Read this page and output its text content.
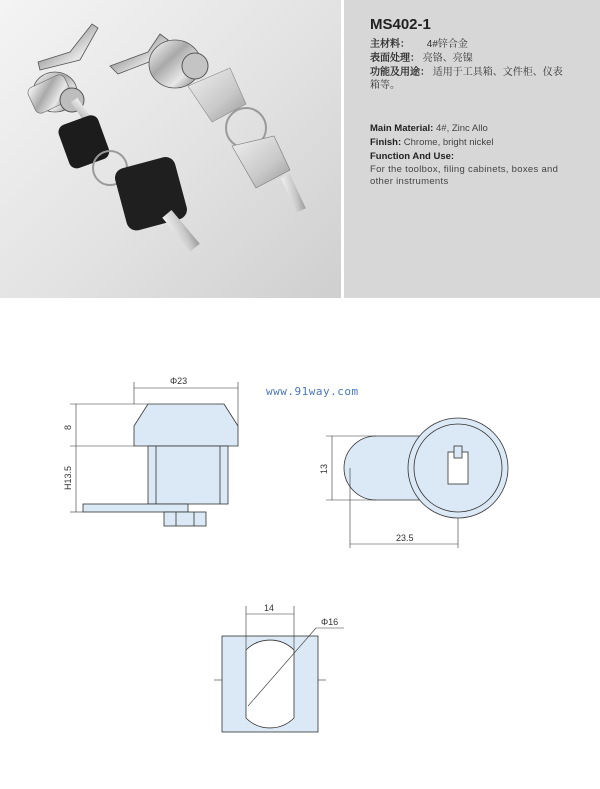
MS402-1
主材料： 4#锌合金
表面处理： 亮铬、亮镍
功能及用途： 适用于工具箱、文件柜、仪表
箱等。
Main Material: 4#, Zinc Allo
Finish: Chrome, bright nickel
Function And Use:
For the toolbox, filing cabinets, boxes and other instruments
www.91way.com
Φ23
8
H13.5	13
23.5
14
Φ16
